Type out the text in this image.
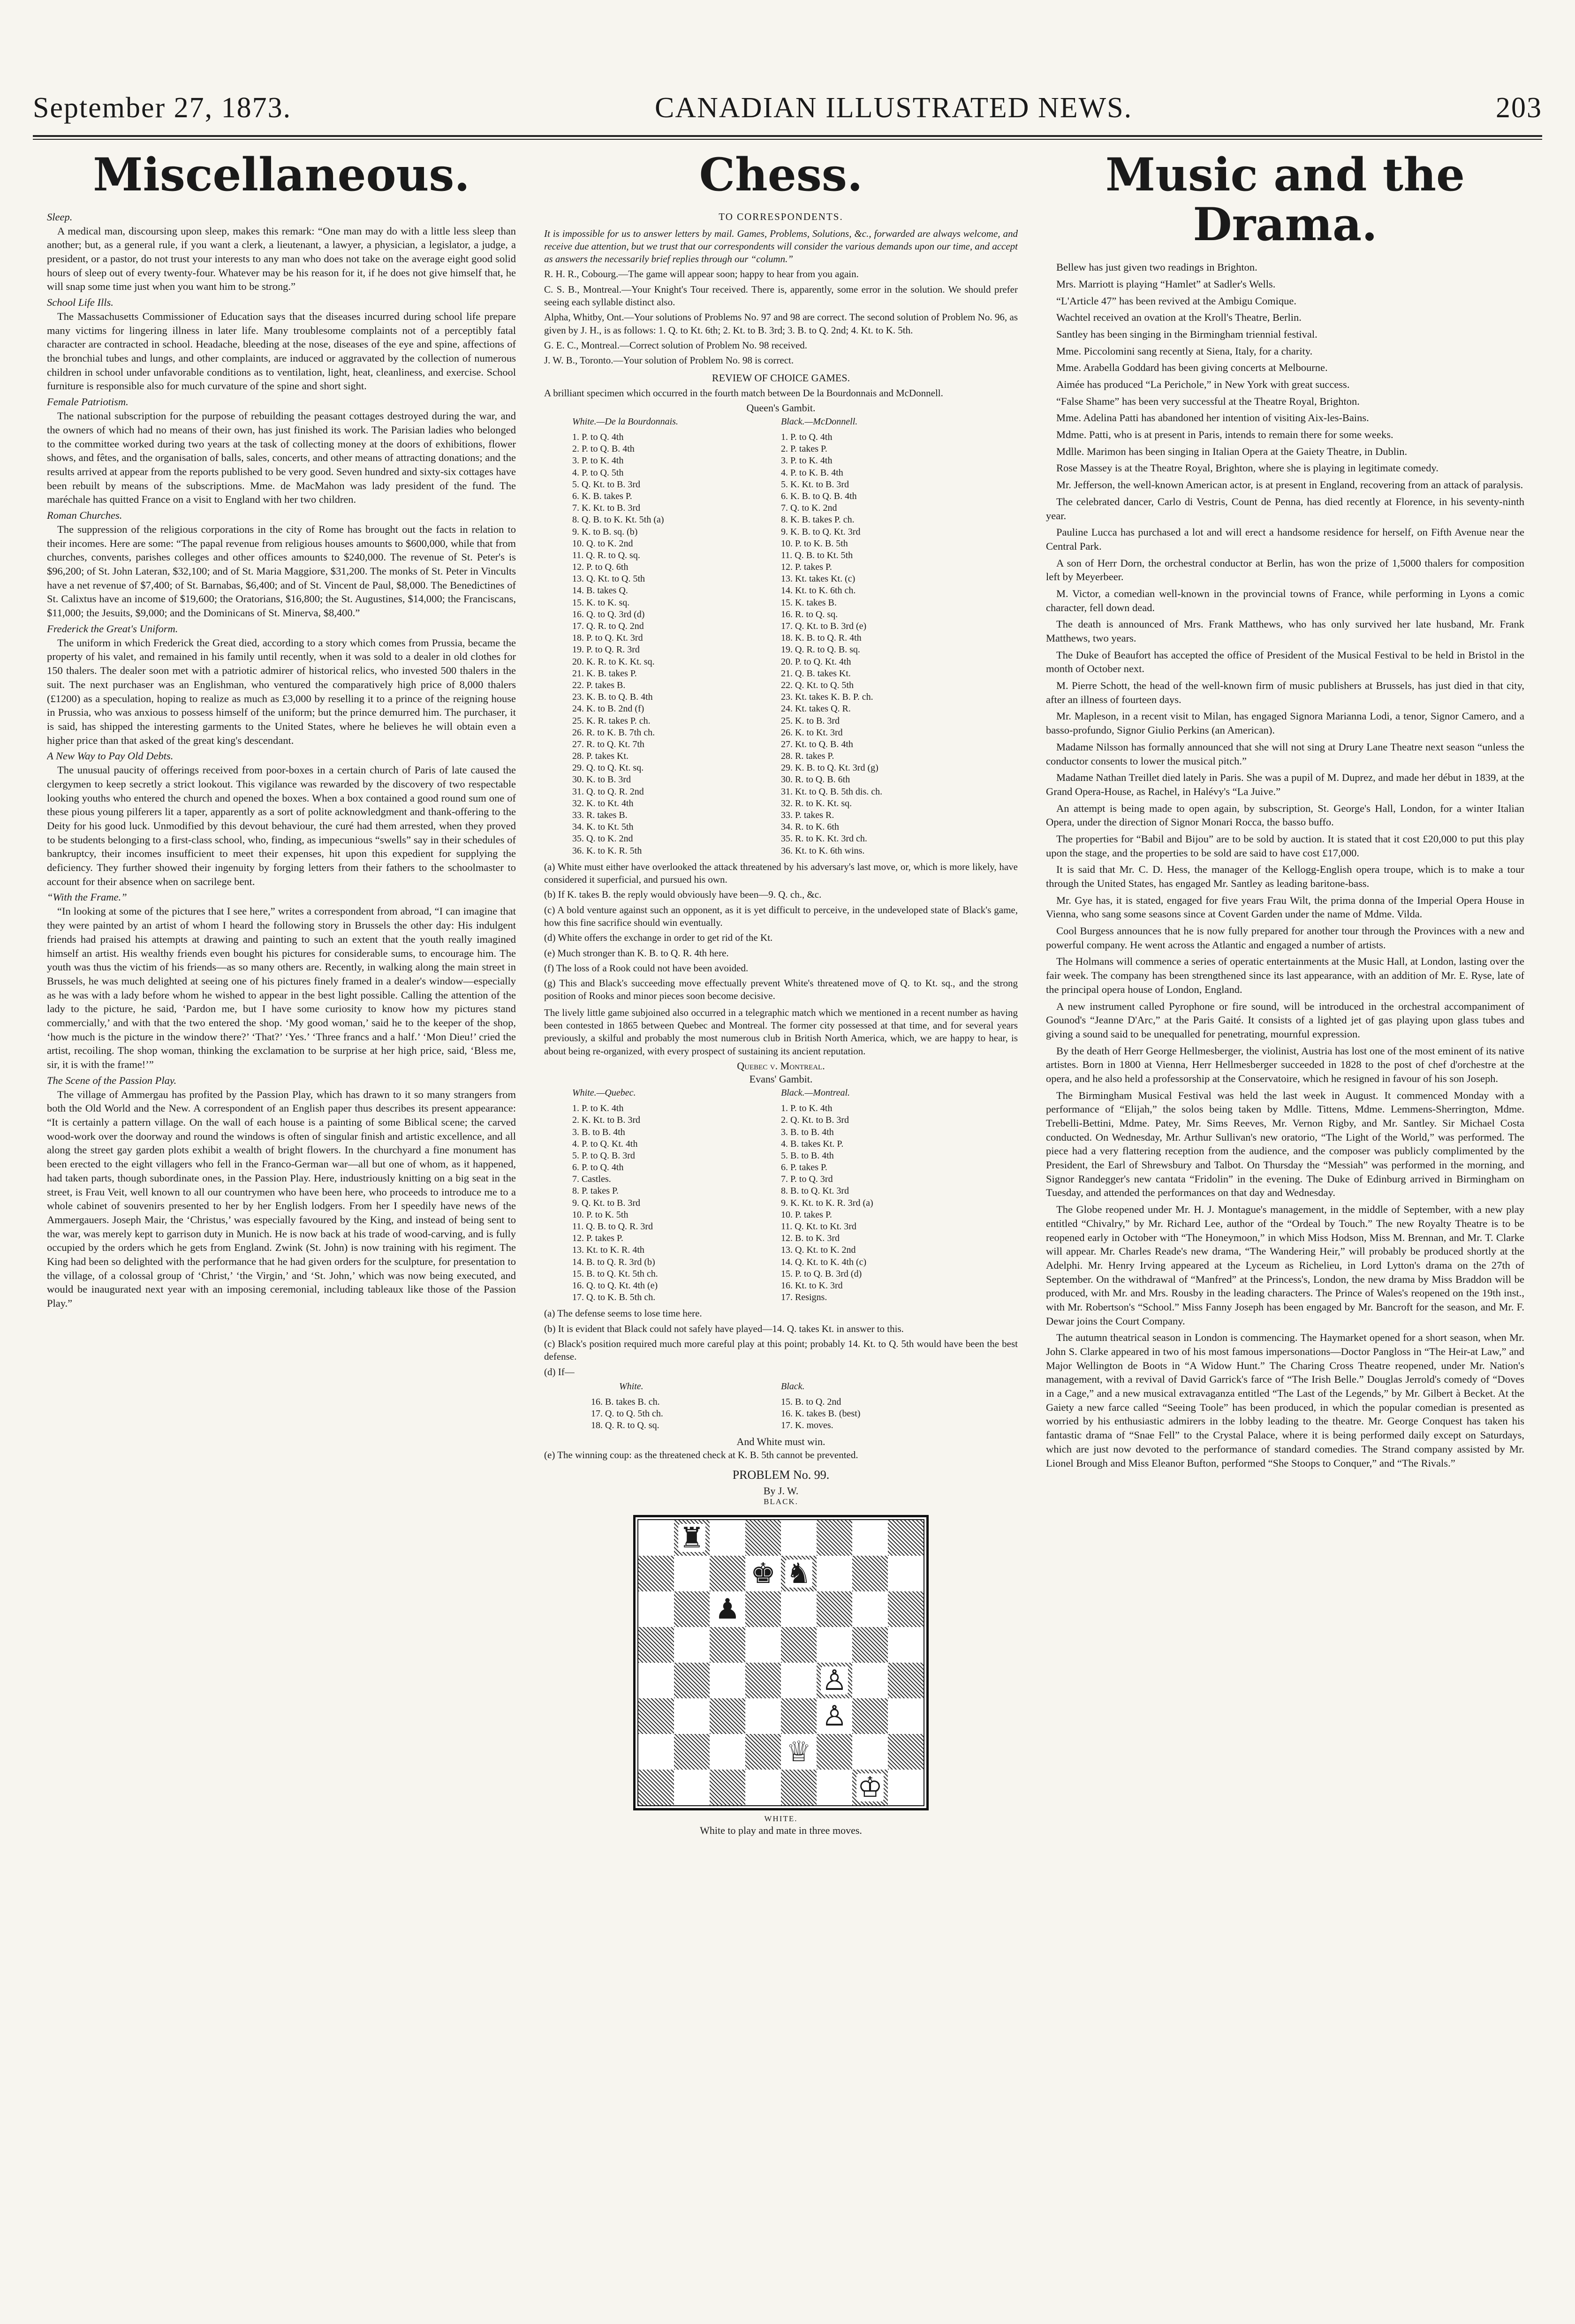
September 27, 1873.	CANADIAN ILLUSTRATED NEWS.	203
Miscellaneous.
Sleep.
A medical man, discoursing upon sleep, makes this remark: “One man may do with a little less sleep than another; but, as a general rule, if you want a clerk, a lieutenant, a lawyer, a physician, a legislator, a judge, a president, or a pastor, do not trust your interests to any man who does not take on the average eight good solid hours of sleep out of every twenty-four. Whatever may be his reason for it, if he does not give himself that, he will snap some time just when you want him to be strong.”
School Life Ills.
The Massachusetts Commissioner of Education says that the diseases incurred during school life prepare many victims for lingering illness in later life. Many troublesome complaints not of a perceptibly fatal character are contracted in school. Headache, bleeding at the nose, diseases of the eye and spine, affections of the bronchial tubes and lungs, and other complaints, are induced or aggravated by the collection of numerous children in school under unfavorable conditions as to ventilation, light, heat, cleanliness, and exercise. School furniture is responsible also for much curvature of the spine and short sight.
Female Patriotism.
The national subscription for the purpose of rebuilding the peasant cottages destroyed during the war, and the owners of which had no means of their own, has just finished its work. The Parisian ladies who belonged to the committee worked during two years at the task of collecting money at the doors of exhibitions, flower shows, and fêtes, and the organisation of balls, sales, concerts, and other means of attracting donations; and the results arrived at appear from the reports published to be very good. Seven hundred and sixty-six cottages have been rebuilt by means of the subscriptions. Mme. de MacMahon was lady president of the fund. The maréchale has quitted France on a visit to England with her two children.
Roman Churches.
The suppression of the religious corporations in the city of Rome has brought out the facts in relation to their incomes. Here are some: “The papal revenue from religious houses amounts to $600,000, while that from churches, convents, parishes colleges and other offices amounts to $240,000. The revenue of St. Peter's is $96,200; of St. John Lateran, $32,100; and of St. Maria Maggiore, $31,200. The monks of St. Peter in Vincults have a net revenue of $7,400; of St. Barnabas, $6,400; and of St. Vincent de Paul, $8,000. The Benedictines of St. Calixtus have an income of $19,600; the Oratorians, $16,800; the St. Augustines, $14,000; the Franciscans, $11,000; the Jesuits, $9,000; and the Dominicans of St. Minerva, $8,400.”
Frederick the Great's Uniform.
The uniform in which Frederick the Great died, according to a story which comes from Prussia, became the property of his valet, and remained in his family until recently, when it was sold to a dealer in old clothes for 150 thalers. The dealer soon met with a patriotic admirer of historical relics, who invested 500 thalers in the suit. The next purchaser was an Englishman, who ventured the comparatively high price of 8,000 thalers (£1200) as a speculation, hoping to realize as much as £3,000 by reselling it to a prince of the reigning house in Prussia, who was anxious to possess himself of the uniform; but the prince demurred him. The purchaser, it is said, has shipped the interesting garments to the United States, where he believes he will obtain even a higher price than that asked of the great king's descendant.
A New Way to Pay Old Debts.
The unusual paucity of offerings received from poor-boxes in a certain church of Paris of late caused the clergymen to keep secretly a strict lookout. This vigilance was rewarded by the discovery of two respectable looking youths who entered the church and opened the boxes. When a box contained a good round sum one of these pious young pilferers lit a taper, apparently as a sort of polite acknowledgment and thank-offering to the Deity for his good luck. Unmodified by this devout behaviour, the curé had them arrested, when they proved to be students belonging to a first-class school, who, finding, as impecunious “swells” say in their schedules of bankruptcy, their incomes insufficient to meet their expenses, hit upon this expedient for supplying the deficiency. They further showed their ingenuity by forging letters from their fathers to the schoolmaster to account for their absence when on sacrilege bent.
“With the Frame.”
“In looking at some of the pictures that I see here,” writes a correspondent from abroad, “I can imagine that they were painted by an artist of whom I heard the following story in Brussels the other day: His indulgent friends had praised his attempts at drawing and painting to such an extent that the youth really imagined himself an artist. His wealthy friends even bought his pictures for considerable sums, to encourage him. The youth was thus the victim of his friends—as so many others are. Recently, in walking along the main street in Brussels, he was much delighted at seeing one of his pictures finely framed in a dealer's window—especially as he was with a lady before whom he wished to appear in the best light possible. Calling the attention of the lady to the picture, he said, ‘Pardon me, but I have some curiosity to know how my pictures stand commercially,’ and with that the two entered the shop. ‘My good woman,’ said he to the keeper of the shop, ‘how much is the picture in the window there?’ ‘That?’ ‘Yes.’ ‘Three francs and a half.’ ‘Mon Dieu!’ cried the artist, recoiling. The shop woman, thinking the exclamation to be surprise at her high price, said, ‘Bless me, sir, it is with the frame!’”
The Scene of the Passion Play.
The village of Ammergau has profited by the Passion Play, which has drawn to it so many strangers from both the Old World and the New. A correspondent of an English paper thus describes its present appearance: “It is certainly a pattern village. On the wall of each house is a painting of some Biblical scene; the carved wood-work over the doorway and round the windows is often of singular finish and artistic excellence, and all along the street gay garden plots exhibit a wealth of bright flowers. In the churchyard a fine monument has been erected to the eight villagers who fell in the Franco-German war—all but one of whom, as it happened, had taken parts, though subordinate ones, in the Passion Play. Here, industriously knitting on a big seat in the street, is Frau Veit, well known to all our countrymen who have been here, who proceeds to introduce me to a whole cabinet of souvenirs presented to her by her English lodgers. From her I speedily have news of the Ammergauers. Joseph Mair, the ‘Christus,’ was especially favoured by the King, and instead of being sent to the war, was merely kept to garrison duty in Munich. He is now back at his trade of wood-carving, and is fully occupied by the orders which he gets from England. Zwink (St. John) is now training with his regiment. The King had been so delighted with the performance that he had given orders for the sculpture, for presentation to the village, of a colossal group of ‘Christ,’ ‘the Virgin,’ and ‘St. John,’ which was now being executed, and would be inaugurated next year with an imposing ceremonial, including tableaux like those of the Passion Play.”
Chess.
TO CORRESPONDENTS.
It is impossible for us to answer letters by mail. Games, Problems, Solutions, &c., forwarded are always welcome, and receive due attention, but we trust that our correspondents will consider the various demands upon our time, and accept as answers the necessarily brief replies through our “column.”
R. H. R., Cobourg.—The game will appear soon; happy to hear from you again.
C. S. B., Montreal.—Your Knight's Tour received. There is, apparently, some error in the solution. We should prefer seeing each syllable distinct also.
Alpha, Whitby, Ont.—Your solutions of Problems No. 97 and 98 are correct. The second solution of Problem No. 96, as given by J. H., is as follows: 1. Q. to Kt. 6th; 2. Kt. to B. 3rd; 3. B. to Q. 2nd; 4. Kt. to K. 5th.
G. E. C., Montreal.—Correct solution of Problem No. 98 received.
J. W. B., Toronto.—Your solution of Problem No. 98 is correct.
REVIEW OF CHOICE GAMES.
A brilliant specimen which occurred in the fourth match between De la Bourdonnais and McDonnell.
Queen's Gambit.
White.—De la Bourdonnais.	Black.—McDonnell.
1. P. to Q. 4th	1. P. to Q. 4th
2. P. to Q. B. 4th	2. P. takes P.
3. P. to K. 4th	3. P. to K. 4th
4. P. to Q. 5th	4. P. to K. B. 4th
5. Q. Kt. to B. 3rd	5. K. Kt. to B. 3rd
6. K. B. takes P.	6. K. B. to Q. B. 4th
7. K. Kt. to B. 3rd	7. Q. to K. 2nd
8. Q. B. to K. Kt. 5th (a)	8. K. B. takes P. ch.
9. K. to B. sq. (b)	9. K. B. to Q. Kt. 3rd
10. Q. to K. 2nd	10. P. to K. B. 5th
11. Q. R. to Q. sq.	11. Q. B. to Kt. 5th
12. P. to Q. 6th	12. P. takes P.
13. Q. Kt. to Q. 5th	13. Kt. takes Kt. (c)
14. B. takes Q.	14. Kt. to K. 6th ch.
15. K. to K. sq.	15. K. takes B.
16. Q. to Q. 3rd (d)	16. R. to Q. sq.
17. Q. R. to Q. 2nd	17. Q. Kt. to B. 3rd (e)
18. P. to Q. Kt. 3rd	18. K. B. to Q. R. 4th
19. P. to Q. R. 3rd	19. Q. R. to Q. B. sq.
20. K. R. to K. Kt. sq.	20. P. to Q. Kt. 4th
21. K. B. takes P.	21. Q. B. takes Kt.
22. P. takes B.	22. Q. Kt. to Q. 5th
23. K. B. to Q. B. 4th	23. Kt. takes K. B. P. ch.
24. K. to B. 2nd (f)	24. Kt. takes Q. R.
25. K. R. takes P. ch.	25. K. to B. 3rd
26. R. to K. B. 7th ch.	26. K. to Kt. 3rd
27. R. to Q. Kt. 7th	27. Kt. to Q. B. 4th
28. P. takes Kt.	28. R. takes P.
29. Q. to Q. Kt. sq.	29. K. B. to Q. Kt. 3rd (g)
30. K. to B. 3rd	30. R. to Q. B. 6th
31. Q. to Q. R. 2nd	31. Kt. to Q. B. 5th dis. ch.
32. K. to Kt. 4th	32. R. to K. Kt. sq.
33. R. takes B.	33. P. takes R.
34. K. to Kt. 5th	34. R. to K. 6th
35. Q. to K. 2nd	35. R. to K. Kt. 3rd ch.
36. K. to K. R. 5th	36. Kt. to K. 6th wins.
(a) White must either have overlooked the attack threatened by his adversary's last move, or, which is more likely, have considered it superficial, and pursued his own.
(b) If K. takes B. the reply would obviously have been—9. Q. ch., &c.
(c) A bold venture against such an opponent, as it is yet difficult to perceive, in the undeveloped state of Black's game, how this fine sacrifice should win eventually.
(d) White offers the exchange in order to get rid of the Kt.
(e) Much stronger than K. B. to Q. R. 4th here.
(f) The loss of a Rook could not have been avoided.
(g) This and Black's succeeding move effectually prevent White's threatened move of Q. to Kt. sq., and the strong position of Rooks and minor pieces soon become decisive.
The lively little game subjoined also occurred in a telegraphic match which we mentioned in a recent number as having been contested in 1865 between Quebec and Montreal. The former city possessed at that time, and for several years previously, a skilful and probably the most numerous club in British North America, which, we are happy to hear, is about being re-organized, with every prospect of sustaining its ancient reputation.
Quebec v. Montreal.
Evans' Gambit.
White.—Quebec.	Black.—Montreal.
1. P. to K. 4th	1. P. to K. 4th
2. K. Kt. to B. 3rd	2. Q. Kt. to B. 3rd
3. B. to B. 4th	3. B. to B. 4th
4. P. to Q. Kt. 4th	4. B. takes Kt. P.
5. P. to Q. B. 3rd	5. B. to B. 4th
6. P. to Q. 4th	6. P. takes P.
7. Castles.	7. P. to Q. 3rd
8. P. takes P.	8. B. to Q. Kt. 3rd
9. Q. Kt. to B. 3rd	9. K. Kt. to K. R. 3rd (a)
10. P. to K. 5th	10. P. takes P.
11. Q. B. to Q. R. 3rd	11. Q. Kt. to Kt. 3rd
12. P. takes P.	12. B. to K. 3rd
13. Kt. to K. R. 4th	13. Q. Kt. to K. 2nd
14. B. to Q. R. 3rd (b)	14. Q. Kt. to K. 4th (c)
15. B. to Q. Kt. 5th ch.	15. P. to Q. B. 3rd (d)
16. Q. to Q. Kt. 4th (e)	16. Kt. to K. 3rd
17. Q. to K. B. 5th ch.	17. Resigns.
(a) The defense seems to lose time here.
(b) It is evident that Black could not safely have played—14. Q. takes Kt. in answer to this.
(c) Black's position required much more careful play at this point; probably 14. Kt. to Q. 5th would have been the best defense.
(d) If—
White.	Black.
16. B. takes B. ch.	15. B. to Q. 2nd
17. Q. to Q. 5th ch.	16. K. takes B. (best)
18. Q. R. to Q. sq.	17. K. moves.
And White must win.
(e) The winning coup: as the threatened check at K. B. 5th cannot be prevented.
PROBLEM No. 99.
By J. W.
BLACK.
♜
♚ ♞
♟
♙
♙
♕
♔
WHITE.
White to play and mate in three moves.
Music and the Drama.
Bellew has just given two readings in Brighton.
Mrs. Marriott is playing “Hamlet” at Sadler's Wells.
“L'Article 47” has been revived at the Ambigu Comique.
Wachtel received an ovation at the Kroll's Theatre, Berlin.
Santley has been singing in the Birmingham triennial festival.
Mme. Piccolomini sang recently at Siena, Italy, for a charity.
Mme. Arabella Goddard has been giving concerts at Melbourne.
Aimée has produced “La Perichole,” in New York with great success.
“False Shame” has been very successful at the Theatre Royal, Brighton.
Mme. Adelina Patti has abandoned her intention of visiting Aix-les-Bains.
Mdme. Patti, who is at present in Paris, intends to remain there for some weeks.
Mdlle. Marimon has been singing in Italian Opera at the Gaiety Theatre, in Dublin.
Rose Massey is at the Theatre Royal, Brighton, where she is playing in legitimate comedy.
Mr. Jefferson, the well-known American actor, is at present in England, recovering from an attack of paralysis.
The celebrated dancer, Carlo di Vestris, Count de Penna, has died recently at Florence, in his seventy-ninth year.
Pauline Lucca has purchased a lot and will erect a handsome residence for herself, on Fifth Avenue near the Central Park.
A son of Herr Dorn, the orchestral conductor at Berlin, has won the prize of 1,5000 thalers for composition left by Meyerbeer.
M. Victor, a comedian well-known in the provincial towns of France, while performing in Lyons a comic character, fell down dead.
The death is announced of Mrs. Frank Matthews, who has only survived her late husband, Mr. Frank Matthews, two years.
The Duke of Beaufort has accepted the office of President of the Musical Festival to be held in Bristol in the month of October next.
M. Pierre Schott, the head of the well-known firm of music publishers at Brussels, has just died in that city, after an illness of fourteen days.
Mr. Mapleson, in a recent visit to Milan, has engaged Signora Marianna Lodi, a tenor, Signor Camero, and a basso-profundo, Signor Giulio Perkins (an American).
Madame Nilsson has formally announced that she will not sing at Drury Lane Theatre next season “unless the conductor consents to lower the musical pitch.”
Madame Nathan Treillet died lately in Paris. She was a pupil of M. Duprez, and made her début in 1839, at the Grand Opera-House, as Rachel, in Halévy's “La Juive.”
An attempt is being made to open again, by subscription, St. George's Hall, London, for a winter Italian Opera, under the direction of Signor Monari Rocca, the basso buffo.
The properties for “Babil and Bijou” are to be sold by auction. It is stated that it cost £20,000 to put this play upon the stage, and the properties to be sold are said to have cost £17,000.
It is said that Mr. C. D. Hess, the manager of the Kellogg-English opera troupe, which is to make a tour through the United States, has engaged Mr. Santley as leading baritone-bass.
Mr. Gye has, it is stated, engaged for five years Frau Wilt, the prima donna of the Imperial Opera House in Vienna, who sang some seasons since at Covent Garden under the name of Mdme. Vilda.
Cool Burgess announces that he is now fully prepared for another tour through the Provinces with a new and powerful company. He went across the Atlantic and engaged a number of artists.
The Holmans will commence a series of operatic entertainments at the Music Hall, at London, lasting over the fair week. The company has been strengthened since its last appearance, with an addition of Mr. E. Ryse, late of the principal opera house of London, England.
A new instrument called Pyrophone or fire sound, will be introduced in the orchestral accompaniment of Gounod's “Jeanne D'Arc,” at the Paris Gaité. It consists of a lighted jet of gas playing upon glass tubes and giving a sound said to be unequalled for penetrating, mournful expression.
By the death of Herr George Hellmesberger, the violinist, Austria has lost one of the most eminent of its native artistes. Born in 1800 at Vienna, Herr Hellmesberger succeeded in 1828 to the post of chef d'orchestre at the opera, and he also held a professorship at the Conservatoire, which he resigned in favour of his son Joseph.
The Birmingham Musical Festival was held the last week in August. It commenced Monday with a performance of “Elijah,” the solos being taken by Mdlle. Tittens, Mdme. Lemmens-Sherrington, Mdme. Trebelli-Bettini, Mdme. Patey, Mr. Sims Reeves, Mr. Vernon Rigby, and Mr. Santley. Sir Michael Costa conducted. On Wednesday, Mr. Arthur Sullivan's new oratorio, “The Light of the World,” was performed. The piece had a very flattering reception from the audience, and the composer was publicly complimented by the President, the Earl of Shrewsbury and Talbot. On Thursday the “Messiah” was performed in the morning, and Signor Randegger's new cantata “Fridolin” in the evening. The Duke of Edinburg arrived in Birmingham on Tuesday, and attended the performances on that day and Wednesday.
The Globe reopened under Mr. H. J. Montague's management, in the middle of September, with a new play entitled “Chivalry,” by Mr. Richard Lee, author of the “Ordeal by Touch.” The new Royalty Theatre is to be reopened early in October with “The Honeymoon,” in which Miss Hodson, Miss M. Brennan, and Mr. T. Clarke will appear. Mr. Charles Reade's new drama, “The Wandering Heir,” will probably be produced shortly at the Adelphi. Mr. Henry Irving appeared at the Lyceum as Richelieu, in Lord Lytton's drama on the 27th of September. On the withdrawal of “Manfred” at the Princess's, London, the new drama by Miss Braddon will be produced, with Mr. and Mrs. Rousby in the leading characters. The Prince of Wales's reopened on the 19th inst., with Mr. Robertson's “School.” Miss Fanny Joseph has been engaged by Mr. Bancroft for the season, and Mr. F. Dewar joins the Court Company.
The autumn theatrical season in London is commencing. The Haymarket opened for a short season, when Mr. John S. Clarke appeared in two of his most famous impersonations—Doctor Pangloss in “The Heir-at Law,” and Major Wellington de Boots in “A Widow Hunt.” The Charing Cross Theatre reopened, under Mr. Nation's management, with a revival of David Garrick's farce of “The Irish Belle.” Douglas Jerrold's comedy of “Doves in a Cage,” and a new musical extravaganza entitled “The Last of the Legends,” by Mr. Gilbert à Becket. At the Gaiety a new farce called “Seeing Toole” has been produced, in which the popular comedian is presented as worried by his enthusiastic admirers in the lobby leading to the theatre. Mr. George Conquest has taken his fantastic drama of “Snae Fell” to the Crystal Palace, where it is being performed daily except on Saturdays, which are just now devoted to the performance of standard comedies. The Strand company assisted by Mr. Lionel Brough and Miss Eleanor Bufton, performed “She Stoops to Conquer,” and “The Rivals.”
